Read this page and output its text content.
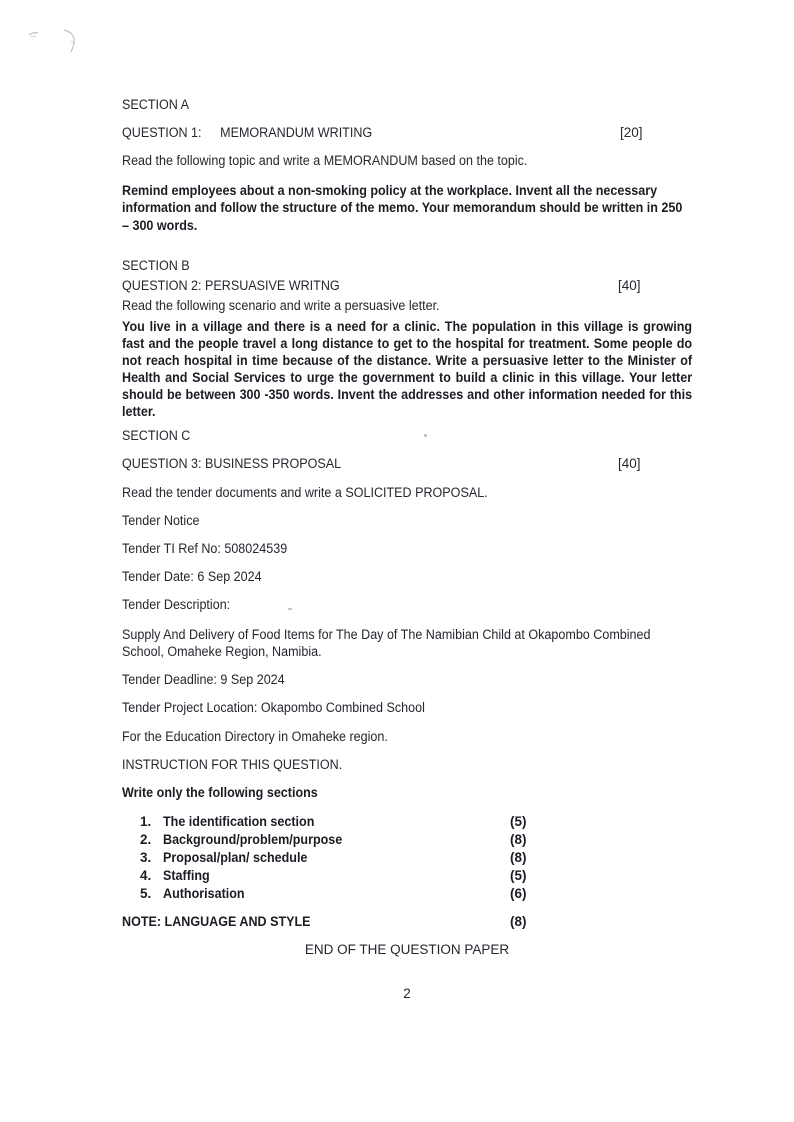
SECTION A
QUESTION 1: MEMORANDUM WRITING	[20]
Read the following topic and write a MEMORANDUM based on the topic.
Remind employees about a non-smoking policy at the workplace. Invent all the necessary information and follow the structure of the memo. Your memorandum should be written in 250 – 300 words.
SECTION B
QUESTION 2: PERSUASIVE WRITNG	[40]
Read the following scenario and write a persuasive letter.
You live in a village and there is a need for a clinic. The population in this village is growing fast and the people travel a long distance to get to the hospital for treatment. Some people do not reach hospital in time because of the distance. Write a persuasive letter to the Minister of Health and Social Services to urge the government to build a clinic in this village. Your letter should be between 300 -350 words. Invent the addresses and other information needed for this letter.
SECTION C
QUESTION 3: BUSINESS PROPOSAL	[40]
Read the tender documents and write a SOLICITED PROPOSAL.
Tender Notice
Tender TI Ref No: 508024539
Tender Date: 6 Sep 2024
Tender Description:
Supply And Delivery of Food Items for The Day of The Namibian Child at Okapombo Combined School, Omaheke Region, Namibia.
Tender Deadline: 9 Sep 2024
Tender Project Location: Okapombo Combined School
For the Education Directory in Omaheke region.
INSTRUCTION FOR THIS QUESTION.
Write only the following sections
1. The identification section	(5)
2. Background/problem/purpose	(8)
3. Proposal/plan/ schedule	(8)
4. Staffing	(5)
5. Authorisation	(6)
NOTE: LANGUAGE AND STYLE	(8)
END OF THE QUESTION PAPER
2
